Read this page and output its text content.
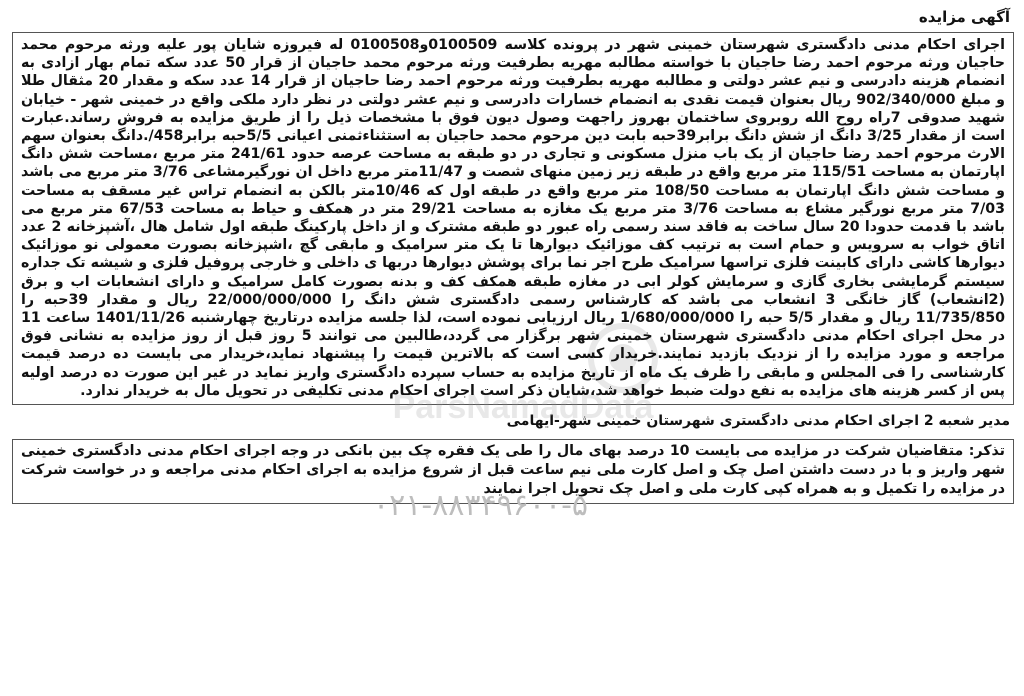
آگهی مزایده
ParsNamadData
۰۲۱-۸۸۳۴۹۶۰۰-۵
اجرای احکام مدنی دادگستری شهرستان خمینی شهر در پرونده کلاسه 0100509و0100508 له فیروزه شایان پور علیه ورثه مرحوم محمد حاجیان ورثه مرحوم احمد رضا حاجیان با خواسته مطالبه مهریه بطرفیت ورثه مرحوم محمد حاجیان از قرار 50 عدد سکه تمام بهار ازادی به انضمام هزینه دادرسی و نیم عشر دولتی و مطالبه مهریه بطرفیت ورثه مرحوم احمد رضا حاجیان از قرار 14 عدد سکه و مقدار 20 مثقال طلا و مبلغ 902/340/000 ریال بعنوان قیمت نقدی به انضمام خسارات دادرسی و نیم عشر دولتی در نظر دارد ملکی واقع در خمینی شهر - خیابان شهید صدوقی 7راه روح الله روبروی ساختمان بهروز راجهت وصول دیون فوق با مشخصات ذیل را از طریق مزایده به فروش رساند.عبارت است از مقدار 3/25 دانگ از شش دانگ برابر39حبه بابت دین مرحوم محمد حاجیان به استثناءثمنی اعیانی 5/5حبه برابر458/.دانگ بعنوان سهم الارث مرحوم احمد رضا حاجیان از یک باب منزل مسکونی و تجاری در دو طبقه به مساحت عرصه حدود 241/61 متر مربع ،مساحت شش دانگ اپارتمان به مساحت 115/51 متر مربع واقع در طبقه زیر زمین منهای شصت و 11/47متر مربع داخل ان نورگیرمشاعی 3/76 متر مربع می باشد و مساحت شش دانگ اپارتمان به مساحت 108/50 متر مربع واقع در طبقه اول که 10/46متر بالکن به انضمام تراس غیر مسقف به مساحت 7/03 متر مربع نورگیر مشاع به مساحت 3/76 متر مربع یک مغازه به مساحت 29/21 متر در همکف و حیاط به مساحت 67/53 متر مربع می باشد با قدمت حدودا 20 سال ساخت به فاقد سند رسمی راه عبور دو طبقه مشترک و از داخل پارکینگ طبقه اول شامل هال ،آشپزخانه 2 عدد اتاق خواب به سرویس و حمام است به ترتیب کف موزائیک دیوارها تا یک متر سرامیک و مابقی گچ ،اشپزخانه بصورت معمولی نو موزائیک دیوارها کاشی دارای کابینت فلزی تراسها سرامیک طرح اجر نما برای پوشش دیوارها دربها ی داخلی و خارجی پروفیل فلزی و شیشه تک جداره سیستم گرمایشی بخاری گازی و سرمایش کولر ابی در مغازه طبقه همکف کف و بدنه بصورت کامل سرامیک و دارای انشعابات اب و برق (2انشعاب) گاز خانگی 3 انشعاب می باشد که کارشناس رسمی دادگستری شش دانگ را 22/000/000/000 ریال و مقدار 39حبه را 11/735/850 ریال و مقدار 5/5 حبه را 1/680/000/000 ریال ارزیابی نموده است، لذا جلسه مزایده درتاریخ چهارشنبه 1401/11/26 ساعت 11 در محل اجرای احکام مدنی دادگستری شهرستان خمینی شهر برگزار می گردد،طالبین می توانند 5 روز قبل از روز مزایده به نشانی فوق مراجعه و مورد مزایده را از نزدیک بازدید نمایند.خریدار کسی است که بالاترین قیمت را پیشنهاد نماید،خریدار می بایست ده درصد قیمت کارشناسی را فی المجلس و مابقی را ظرف یک ماه از تاریخ مزایده به حساب سپرده دادگستری واریز نماید در غیر این صورت ده درصد اولیه پس از کسر هزینه های مزایده به نفع دولت ضبط خواهد شد،شایان ذکر است اجرای احکام مدنی تکلیفی در تحویل مال به خریدار ندارد.
مدیر شعبه 2 اجرای احکام مدنی دادگستری شهرستان خمینی شهر-ایهامی
تذکر: متقاضیان شرکت در مزایده می بایست 10 درصد بهای مال را طی یک فقره چک بین بانکی در وجه اجرای احکام مدنی دادگستری خمینی شهر واریز و با در دست داشتن اصل چک و اصل کارت ملی نیم ساعت قبل از شروع مزایده به اجرای احکام مدنی مراجعه و در خواست شرکت در مزایده را تکمیل و به همراه کپی کارت ملی و اصل چک تحویل اجرا نمایند
